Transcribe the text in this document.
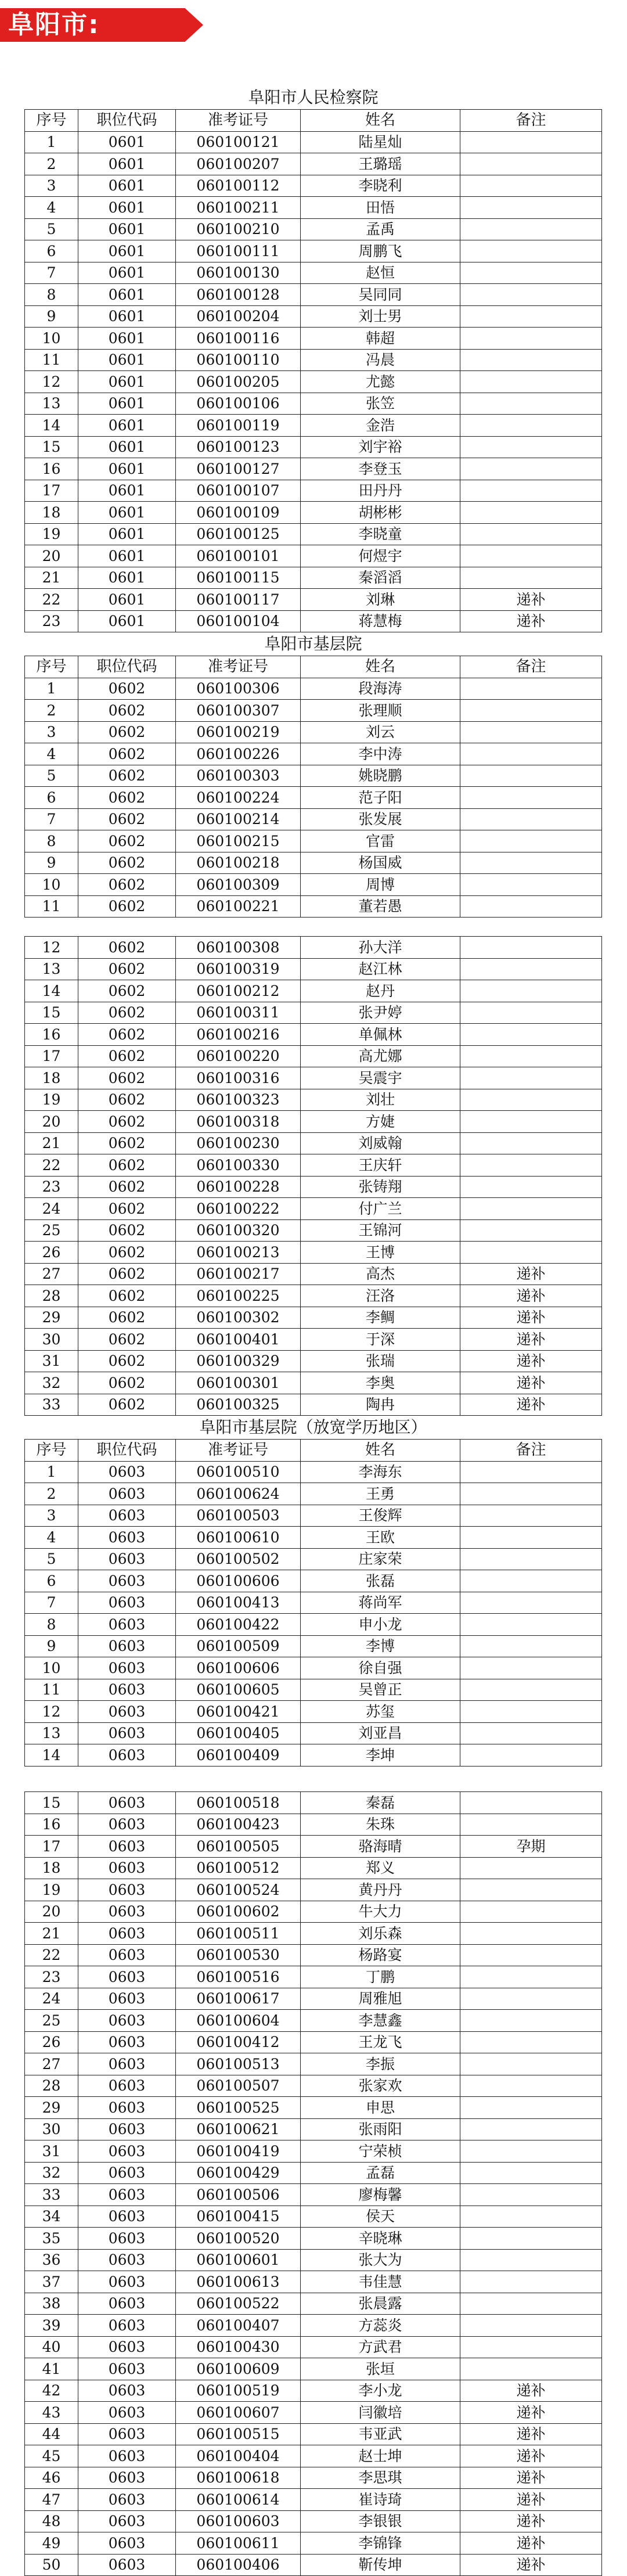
阜阳市:
阜阳市人民检察院				
序号	职位代码	准考证号	姓名	备注
1	0601	060100121	陆星灿	
2	0601	060100207	王璐瑶	
3	0601	060100112	李晓利	
4	0601	060100211	田悟	
5	0601	060100210	孟禹	
6	0601	060100111	周鹏飞	
7	0601	060100130	赵恒	
8	0601	060100128	吴同同	
9	0601	060100204	刘士男	
10	0601	060100116	韩超	
11	0601	060100110	冯晨	
12	0601	060100205	尤懿	
13	0601	060100106	张笠	
14	0601	060100119	金浩	
15	0601	060100123	刘宇裕	
16	0601	060100127	李登玉	
17	0601	060100107	田丹丹	
18	0601	060100109	胡彬彬	
19	0601	060100125	李晓童	
20	0601	060100101	何煜宇	
21	0601	060100115	秦滔滔	
22	0601	060100117	刘琳	递补
23	0601	060100104	蒋慧梅	递补
阜阳市基层院				
序号	职位代码	准考证号	姓名	备注
1	0602	060100306	段海涛	
2	0602	060100307	张理顺	
3	0602	060100219	刘云	
4	0602	060100226	李中涛	
5	0602	060100303	姚晓鹏	
6	0602	060100224	范子阳	
7	0602	060100214	张发展	
8	0602	060100215	官雷	
9	0602	060100218	杨国威	
10	0602	060100309	周博	
11	0602	060100221	董若愚	
12	0602	060100308	孙大洋	
13	0602	060100319	赵江林	
14	0602	060100212	赵丹	
15	0602	060100311	张尹婷	
16	0602	060100216	单佩林	
17	0602	060100220	高尤娜	
18	0602	060100316	吴震宇	
19	0602	060100323	刘壮	
20	0602	060100318	方婕	
21	0602	060100230	刘威翰	
22	0602	060100330	王庆轩	
23	0602	060100228	张铸翔	
24	0602	060100222	付广兰	
25	0602	060100320	王锦河	
26	0602	060100213	王博	
27	0602	060100217	高杰	递补
28	0602	060100225	汪洛	递补
29	0602	060100302	李鲷	递补
30	0602	060100401	于深	递补
31	0602	060100329	张瑞	递补
32	0602	060100301	李奥	递补
33	0602	060100325	陶冉	递补
阜阳市基层院（放宽学历地区）				
序号	职位代码	准考证号	姓名	备注
1	0603	060100510	李海东	
2	0603	060100624	王勇	
3	0603	060100503	王俊辉	
4	0603	060100610	王欧	
5	0603	060100502	庄家荣	
6	0603	060100606	张磊	
7	0603	060100413	蒋尚军	
8	0603	060100422	申小龙	
9	0603	060100509	李博	
10	0603	060100606	徐自强	
11	0603	060100605	吴曾正	
12	0603	060100421	苏玺	
13	0603	060100405	刘亚昌	
14	0603	060100409	李坤	
15	0603	060100518	秦磊	
16	0603	060100423	朱珠	
17	0603	060100505	骆海晴	孕期
18	0603	060100512	郑义	
19	0603	060100524	黄丹丹	
20	0603	060100602	牛大力	
21	0603	060100511	刘乐森	
22	0603	060100530	杨路宴	
23	0603	060100516	丁鹏	
24	0603	060100617	周雅旭	
25	0603	060100604	李慧鑫	
26	0603	060100412	王龙飞	
27	0603	060100513	李振	
28	0603	060100507	张家欢	
29	0603	060100525	申思	
30	0603	060100621	张雨阳	
31	0603	060100419	宁荣桢	
32	0603	060100429	孟磊	
33	0603	060100506	廖梅馨	
34	0603	060100415	侯天	
35	0603	060100520	辛晓琳	
36	0603	060100601	张大为	
37	0603	060100613	韦佳慧	
38	0603	060100522	张晨露	
39	0603	060100407	方蕊炎	
40	0603	060100430	方武君	
41	0603	060100609	张垣	
42	0603	060100519	李小龙	递补
43	0603	060100607	闫徽培	递补
44	0603	060100515	韦亚武	递补
45	0603	060100404	赵士坤	递补
46	0603	060100618	李思琪	递补
47	0603	060100614	崔诗琦	递补
48	0603	060100603	李银银	递补
49	0603	060100611	李锦锋	递补
50	0603	060100406	靳传坤	递补
